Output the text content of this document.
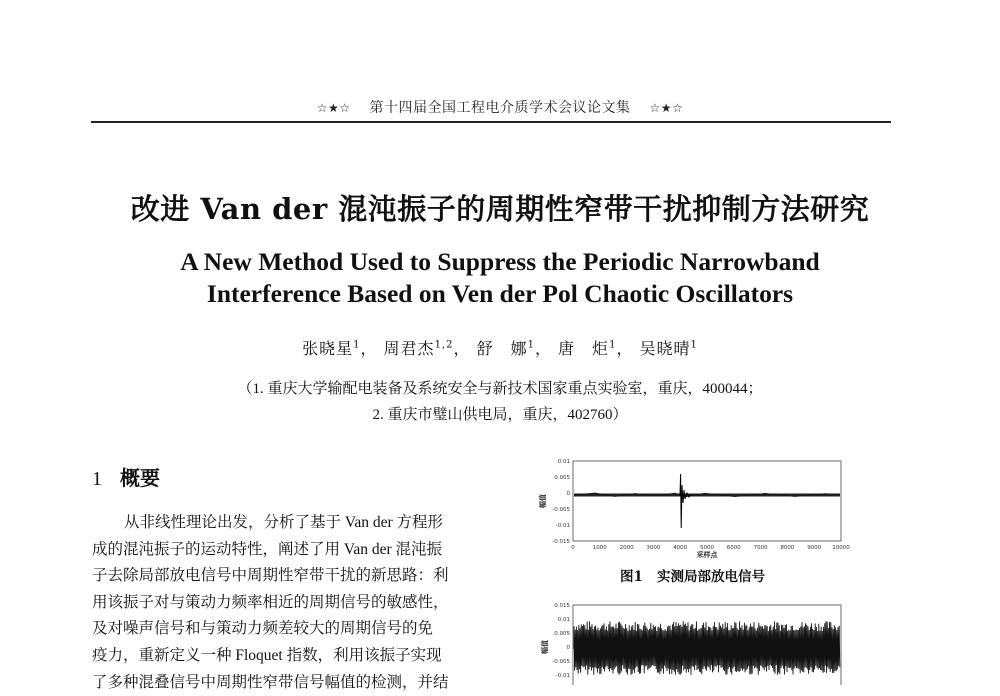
☆★☆ 第十四届全国工程电介质学术会议论文集 ☆★☆
改进 Van der 混沌振子的周期性窄带干扰抑制方法研究
A New Method Used to Suppress the Periodic Narrowband
Interference Based on Ven der Pol Chaotic Oscillators
张晓星$^1$， 周君杰$^{1,2}$， 舒　娜$^1$， 唐　炬$^1$， 吴晓晴$^1$
（1. 重庆大学输配电装备及系统安全与新技术国家重点实验室，重庆，400044；
2. 重庆市璧山供电局，重庆，402760）
1 概要
从非线性理论出发，分析了基于 Van der 方程形
成的混沌振子的运动特性，阐述了用 Van der 混沌振
子去除局部放电信号中周期性窄带干扰的新思路：利
用该振子对与策动力频率相近的周期信号的敏感性，
及对噪声信号和与策动力频差较大的周期信号的免
疫力，重新定义一种 Floquet 指数，利用该振子实现
了多种混叠信号中周期性窄带信号幅值的检测，并结
0.01
0.005
0
-0.005
-0.01
-0.015
0	1000 2000 3000 4000 5000 6000 7000 8000 9000 10000
采样点
幅值
图1 实测局部放电信号
0.015
0.01
0.005
0
-0.005
-0.01
幅值
